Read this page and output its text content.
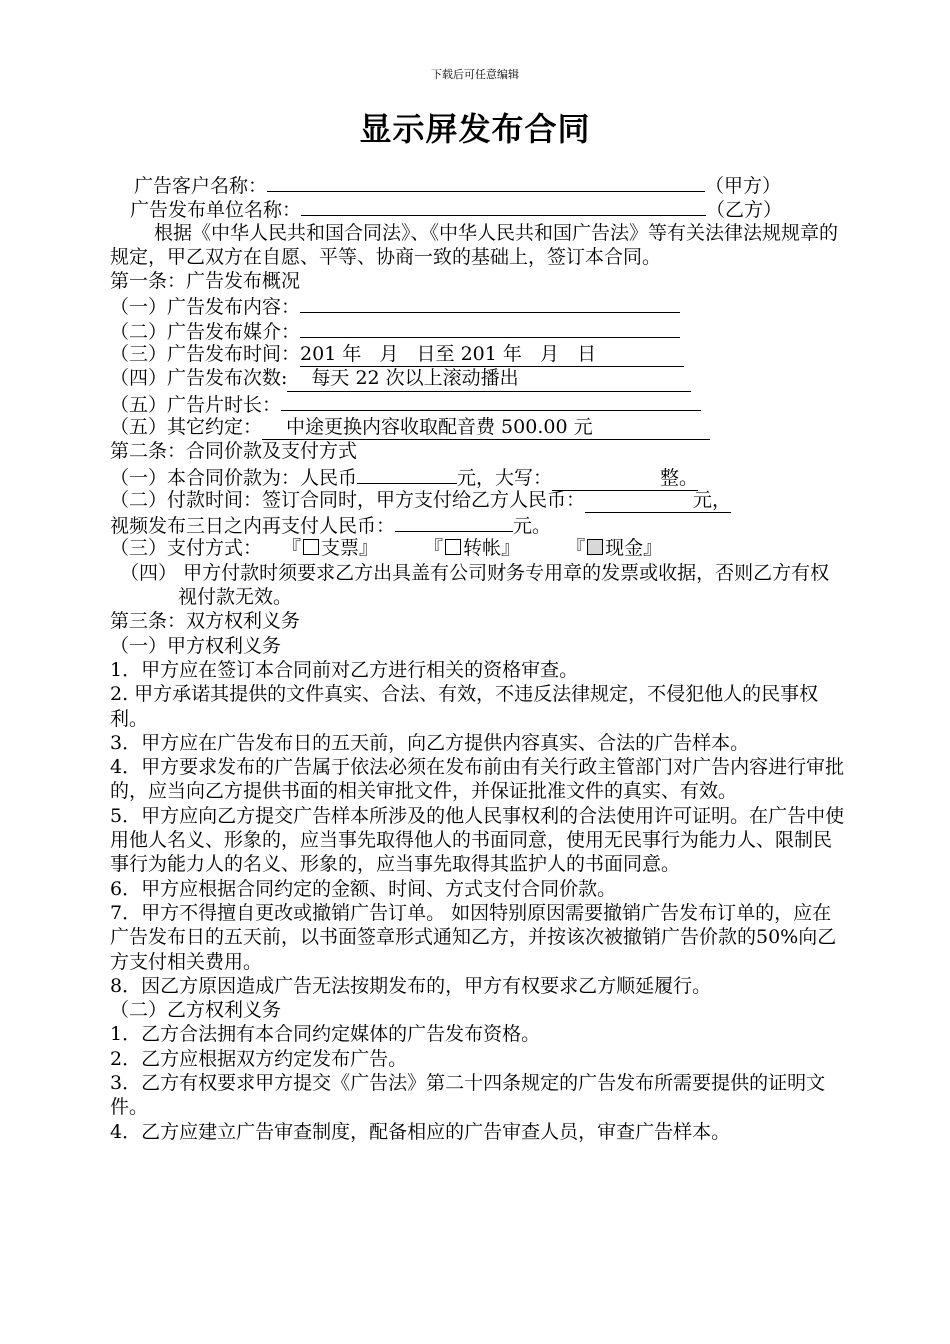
下载后可任意编辑
显示屏发布合同
广告客户名称：	（甲方）
广告发布单位名称：	（乙方）
根据《中华人民共和国合同法》、《中华人民共和国广告法》等有关法律法规规章的规定，甲乙双方在自愿、平等、协商一致的基础上，签订本合同。
第一条：广告发布概况
（一）广告发布内容：
（二）广告发布媒介：
（三）广告发布时间：201 年   月   日至 201 年   月   日
（四）广告发布次数: 每天 22 次以上滚动播出
（五）广告片时长：
（五）其它约定： 中途更换内容收取配音费 500.00 元
第二条：合同价款及支付方式
（一）本合同价款为：人民币	元，大写：	整。
（二）付款时间：签订合同时，甲方支付给乙方人民币：	元，
视频发布三日之内再支付人民币：	元。
（三）支付方式： 『 支票』 『 转帐』 『 现金』
（四） 甲方付款时须要求乙方出具盖有公司财务专用章的发票或收据，否则乙方有权视付款无效。
第三条：双方权利义务
（一）甲方权利义务
1．甲方应在签订本合同前对乙方进行相关的资格审查。
2. 甲方承诺其提供的文件真实、合法、有效，不违反法律规定，不侵犯他人的民事权利。
3．甲方应在广告发布日的五天前，向乙方提供内容真实、合法的广告样本。
4．甲方要求发布的广告属于依法必须在发布前由有关行政主管部门对广告内容进行审批的，应当向乙方提供书面的相关审批文件，并保证批准文件的真实、有效。
5．甲方应向乙方提交广告样本所涉及的他人民事权利的合法使用许可证明。在广告中使用他人名义、形象的，应当事先取得他人的书面同意，使用无民事行为能力人、限制民事行为能力人的名义、形象的，应当事先取得其监护人的书面同意。
6．甲方应根据合同约定的金额、时间、方式支付合同价款。
7．甲方不得擅自更改或撤销广告订单。 如因特别原因需要撤销广告发布订单的，应在广告发布日的五天前，以书面签章形式通知乙方，并按该次被撤销广告价款的50%向乙方支付相关费用。
8．因乙方原因造成广告无法按期发布的，甲方有权要求乙方顺延履行。
（二）乙方权利义务
1．乙方合法拥有本合同约定媒体的广告发布资格。
2．乙方应根据双方约定发布广告。
3．乙方有权要求甲方提交《广告法》第二十四条规定的广告发布所需要提供的证明文件。
4．乙方应建立广告审查制度，配备相应的广告审查人员，审查广告样本。
